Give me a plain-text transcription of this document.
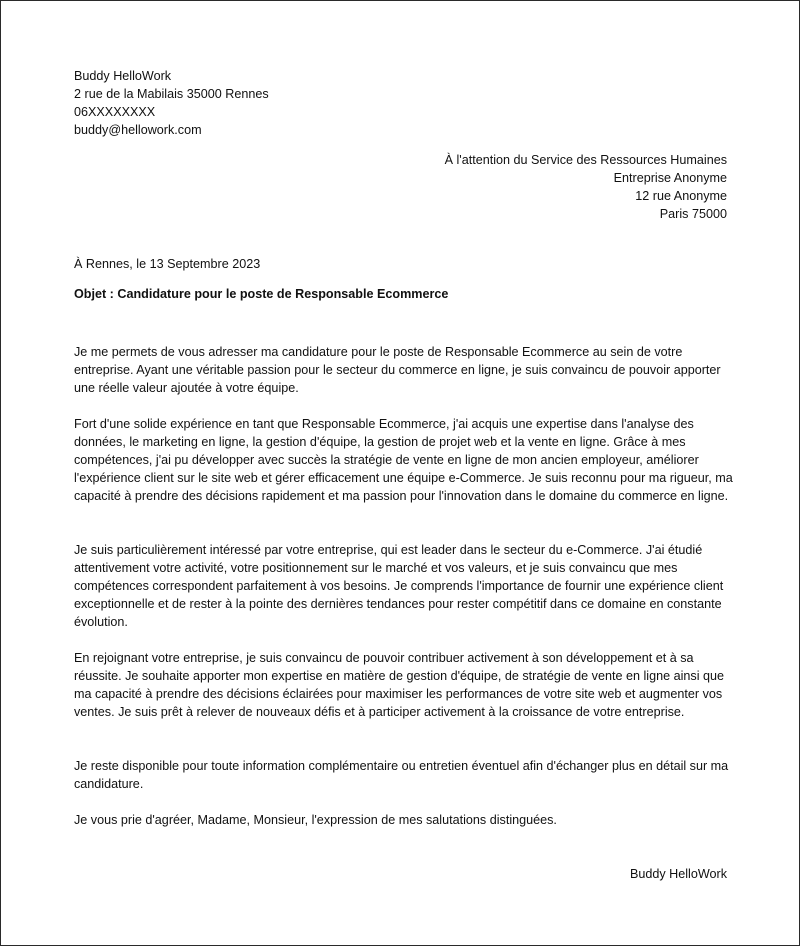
Buddy HelloWork
2 rue de la Mabilais 35000 Rennes
06XXXXXXXX
buddy@hellowork.com
À l'attention du Service des Ressources Humaines
Entreprise Anonyme
12 rue Anonyme
Paris 75000
À Rennes, le 13 Septembre 2023
Objet : Candidature pour le poste de Responsable Ecommerce

Je me permets de vous adresser ma candidature pour le poste de Responsable Ecommerce au sein de votre entreprise. Ayant une véritable passion pour le secteur du commerce en ligne, je suis convaincu de pouvoir apporter une réelle valeur ajoutée à votre équipe.

Fort d'une solide expérience en tant que Responsable Ecommerce, j'ai acquis une expertise dans l'analyse des données, le marketing en ligne, la gestion d'équipe, la gestion de projet web et la vente en ligne. Grâce à mes compétences, j'ai pu développer avec succès la stratégie de vente en ligne de mon ancien employeur, améliorer l'expérience client sur le site web et gérer efficacement une équipe e-Commerce. Je suis reconnu pour ma rigueur, ma capacité à prendre des décisions rapidement et ma passion pour l'innovation dans le domaine du commerce en ligne.

Je suis particulièrement intéressé par votre entreprise, qui est leader dans le secteur du e-Commerce. J'ai étudié attentivement votre activité, votre positionnement sur le marché et vos valeurs, et je suis convaincu que mes compétences correspondent parfaitement à vos besoins. Je comprends l'importance de fournir une expérience client exceptionnelle et de rester à la pointe des dernières tendances pour rester compétitif dans ce domaine en constante évolution.

En rejoignant votre entreprise, je suis convaincu de pouvoir contribuer activement à son développement et à sa réussite. Je souhaite apporter mon expertise en matière de gestion d'équipe, de stratégie de vente en ligne ainsi que ma capacité à prendre des décisions éclairées pour maximiser les performances de votre site web et augmenter vos ventes. Je suis prêt à relever de nouveaux défis et à participer activement à la croissance de votre entreprise.

Je reste disponible pour toute information complémentaire ou entretien éventuel afin d'échanger plus en détail sur ma candidature.

Je vous prie d'agréer, Madame, Monsieur, l'expression de mes salutations distinguées.

Buddy HelloWork
